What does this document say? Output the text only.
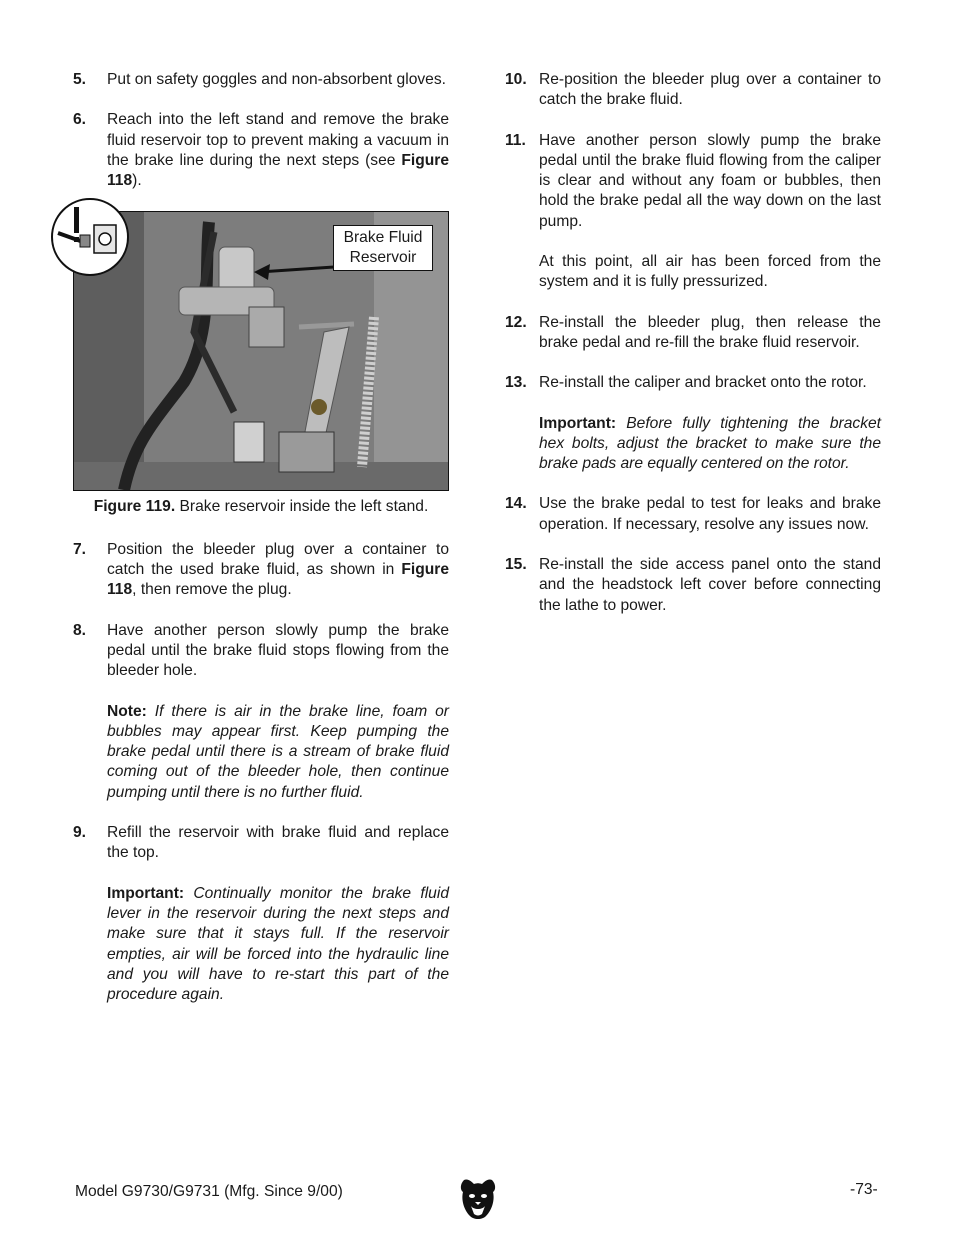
5. Put on safety goggles and non-absorbent gloves.

6. Reach into the left stand and remove the brake fluid reservoir top to prevent making a vacuum in the brake line during the next steps (see Figure 118).

Brake Fluid
Reservoir
Figure 119. Brake reservoir inside the left stand.
7. Position the bleeder plug over a container to catch the used brake fluid, as shown in Figure 118, then remove the plug.

8. Have another person slowly pump the brake pedal until the brake fluid stops flowing from the bleeder hole.

Note: If there is air in the brake line, foam or bubbles may appear first. Keep pumping the brake pedal until there is a stream of brake fluid coming out of the bleeder hole, then continue pumping until there is no further fluid.

9. Refill the reservoir with brake fluid and replace the top.

Important: Continually monitor the brake fluid lever in the reservoir during the next steps and make sure that it stays full. If the reservoir empties, air will be forced into the hydraulic line and you will have to re-start this part of the procedure again.

10. Re-position the bleeder plug over a container to catch the brake fluid.

11. Have another person slowly pump the brake pedal until the brake fluid flowing from the caliper is clear and without any foam or bubbles, then hold the brake pedal all the way down on the last pump.

At this point, all air has been forced from the system and it is fully pressurized.

12. Re-install the bleeder plug, then release the brake pedal and re-fill the brake fluid reservoir.

13. Re-install the caliper and bracket onto the rotor.

Important: Before fully tightening the bracket hex bolts, adjust the bracket to make sure the brake pads are equally centered on the rotor.

14. Use the brake pedal to test for leaks and brake operation. If necessary, resolve any issues now.

15. Re-install the side access panel onto the stand and the headstock left cover before connecting the lathe to power.

Model G9730/G9731 (Mfg. Since 9/00)	-73-
